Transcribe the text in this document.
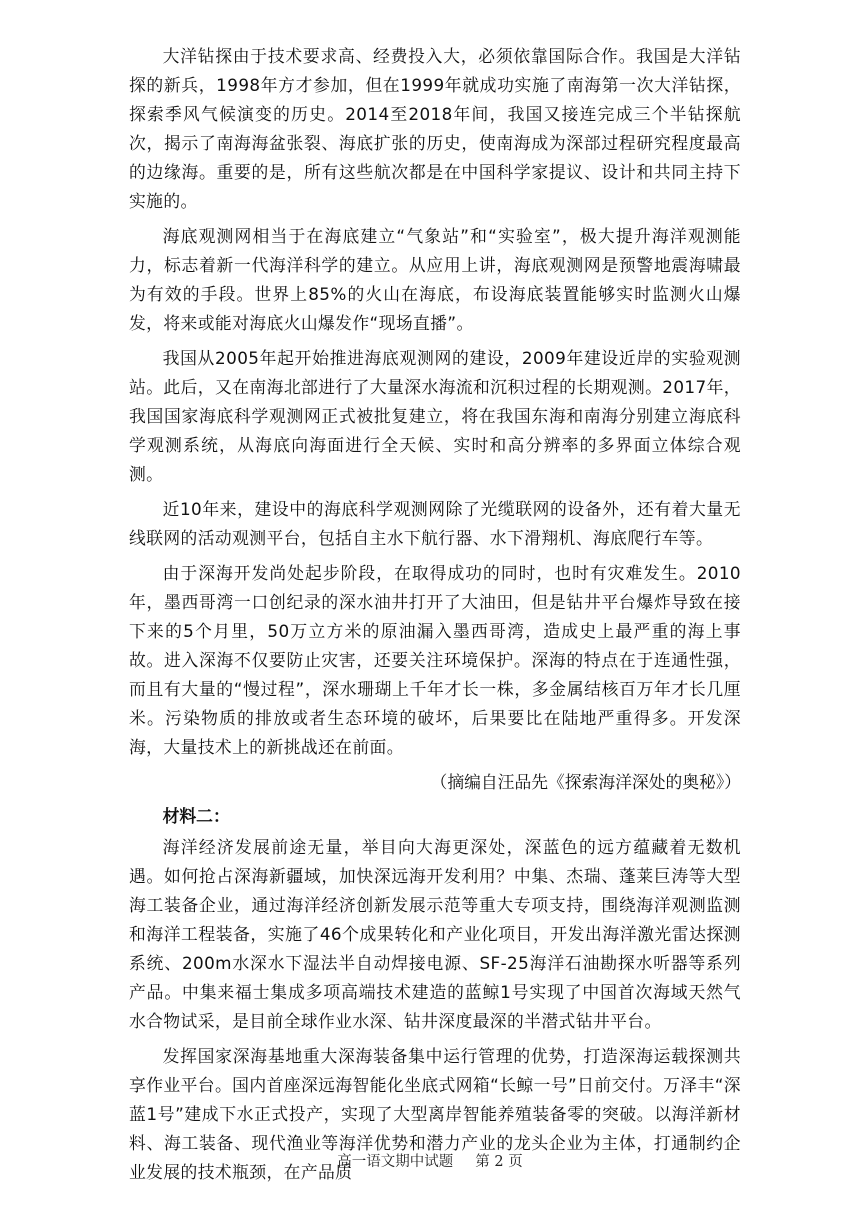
大洋钻探由于技术要求高、经费投入大，必须依靠国际合作。我国是大洋钻探的新兵，1998年方才参加，但在1999年就成功实施了南海第一次大洋钻探，探索季风气候演变的历史。2014至2018年间，我国又接连完成三个半钻探航次，揭示了南海海盆张裂、海底扩张的历史，使南海成为深部过程研究程度最高的边缘海。重要的是，所有这些航次都是在中国科学家提议、设计和共同主持下实施的。

海底观测网相当于在海底建立“气象站”和“实验室”，极大提升海洋观测能力，标志着新一代海洋科学的建立。从应用上讲，海底观测网是预警地震海啸最为有效的手段。世界上85%的火山在海底，布设海底装置能够实时监测火山爆发，将来或能对海底火山爆发作“现场直播”。

我国从2005年起开始推进海底观测网的建设，2009年建设近岸的实验观测站。此后，又在南海北部进行了大量深水海流和沉积过程的长期观测。2017年，我国国家海底科学观测网正式被批复建立，将在我国东海和南海分别建立海底科学观测系统，从海底向海面进行全天候、实时和高分辨率的多界面立体综合观测。

近10年来，建设中的海底科学观测网除了光缆联网的设备外，还有着大量无线联网的活动观测平台，包括自主水下航行器、水下滑翔机、海底爬行车等。

由于深海开发尚处起步阶段，在取得成功的同时，也时有灾难发生。2010年，墨西哥湾一口创纪录的深水油井打开了大油田，但是钻井平台爆炸导致在接下来的5个月里，50万立方米的原油漏入墨西哥湾，造成史上最严重的海上事故。进入深海不仅要防止灾害，还要关注环境保护。深海的特点在于连通性强，而且有大量的“慢过程”，深水珊瑚上千年才长一株，多金属结核百万年才长几厘米。污染物质的排放或者生态环境的破坏，后果要比在陆地严重得多。开发深海，大量技术上的新挑战还在前面。

（摘编自汪品先《探索海洋深处的奥秘》）

材料二：

海洋经济发展前途无量，举目向大海更深处，深蓝色的远方蕴藏着无数机遇。如何抢占深海新疆域，加快深远海开发利用？中集、杰瑞、蓬莱巨涛等大型海工装备企业，通过海洋经济创新发展示范等重大专项支持，围绕海洋观测监测和海洋工程装备，实施了46个成果转化和产业化项目，开发出海洋激光雷达探测系统、200m水深水下湿法半自动焊接电源、SF-25海洋石油勘探水听器等系列产品。中集来福士集成多项高端技术建造的蓝鲸1号实现了中国首次海域天然气水合物试采，是目前全球作业水深、钻井深度最深的半潜式钻井平台。

发挥国家深海基地重大深海装备集中运行管理的优势，打造深海运载探测共享作业平台。国内首座深远海智能化坐底式网箱“长鲸一号”日前交付。万泽丰“深蓝1号”建成下水正式投产，实现了大型离岸智能养殖装备零的突破。以海洋新材料、海工装备、现代渔业等海洋优势和潜力产业的龙头企业为主体，打通制约企业发展的技术瓶颈，在产品质

高一语文期中试题 第 2 页
